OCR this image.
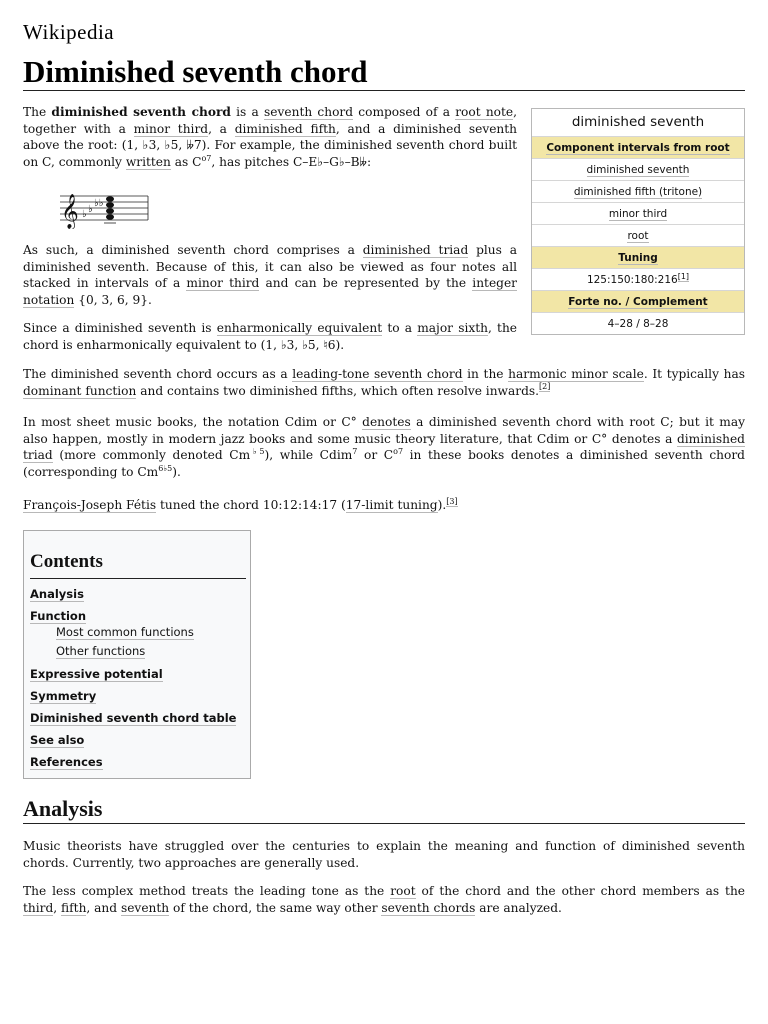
Wikipedia
Diminished seventh chord
The diminished seventh chord is a seventh chord composed of a root note,
together with a minor third, a diminished fifth, and a diminished seventh
above the root: (1, ♭3, ♭5, 𝄫7). For example, the diminished seventh chord built
on C, commonly written as $C^{o7}$, has pitches C–E♭–G♭–B𝄫:
𝄞 ♭ ♭
♭♭
As such, a diminished seventh chord comprises a diminished triad plus a
diminished seventh. Because of this, it can also be viewed as four notes all
stacked in intervals of a minor third and can be represented by the integer
notation {0, 3, 6, 9}.
Since a diminished seventh is enharmonically equivalent to a major sixth, the
chord is enharmonically equivalent to (1, ♭3, ♭5, ♮6).
The diminished seventh chord occurs as a leading-tone seventh chord in the harmonic minor scale. It typically has
dominant function and contains two diminished fifths, which often resolve inwards.[2]
In most sheet music books, the notation Cdim or C° denotes a diminished seventh chord with root C; but it may
also happen, mostly in modern jazz books and some music theory literature, that Cdim or C° denotes a diminished
triad (more commonly denoted $Cm^{♭5}$), while Cdim$^7$ or $C^{o7}$ in these books denotes a diminished seventh chord
(corresponding to $Cm^{6♭5}$).
François-Joseph Fétis tuned the chord 10:12:14:17 (17-limit tuning).[3]
diminished seventh
Component intervals from root
diminished seventh
diminished fifth (tritone)
minor third
root
Tuning
125:150:180:216[1]
Forte no. / Complement
4–28 / 8–28
Contents
Analysis
Function
Most common functions
Other functions
Expressive potential
Symmetry
Diminished seventh chord table
See also
References
Analysis
Music theorists have struggled over the centuries to explain the meaning and function of diminished seventh
chords. Currently, two approaches are generally used.
The less complex method treats the leading tone as the root of the chord and the other chord members as the
third, fifth, and seventh of the chord, the same way other seventh chords are analyzed.
